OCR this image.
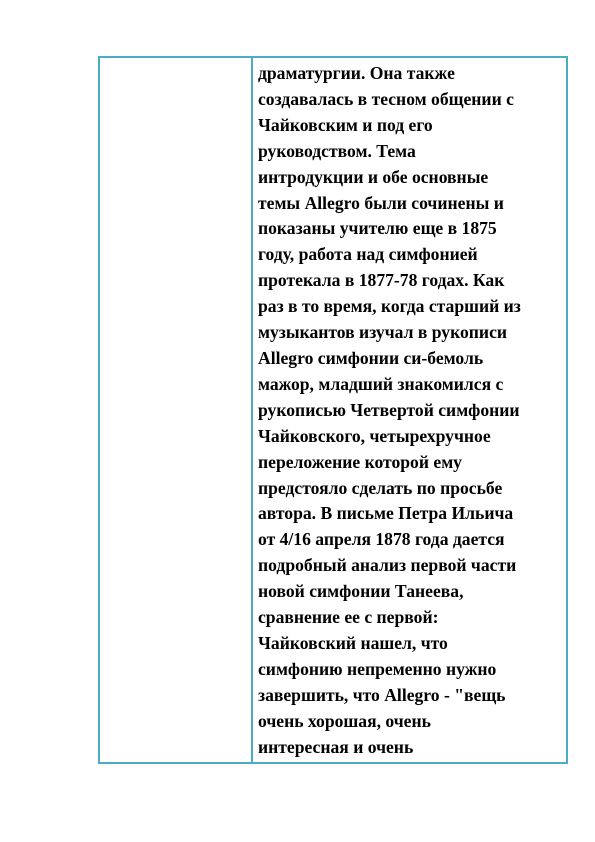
драматургии. Она также
создавалась в тесном общении с
Чайковским и под его
руководством. Тема
интродукции и обе основные
темы Allegro были сочинены и
показаны учителю еще в 1875
году, работа над симфонией
протекала в 1877-78 годах. Как
раз в то время, когда старший из
музыкантов изучал в рукописи
Allegro симфонии си-бемоль
мажор, младший знакомился с
рукописью Четвертой симфонии
Чайковского, четырехручное
переложение которой ему
предстояло сделать по просьбе
автора. В письме Петра Ильича
от 4/16 апреля 1878 года дается
подробный анализ первой части
новой симфонии Танеева,
сравнение ее с первой:
Чайковский нашел, что
симфонию непременно нужно
завершить, что Allegro - "вещь
очень хорошая, очень
интересная и очень
